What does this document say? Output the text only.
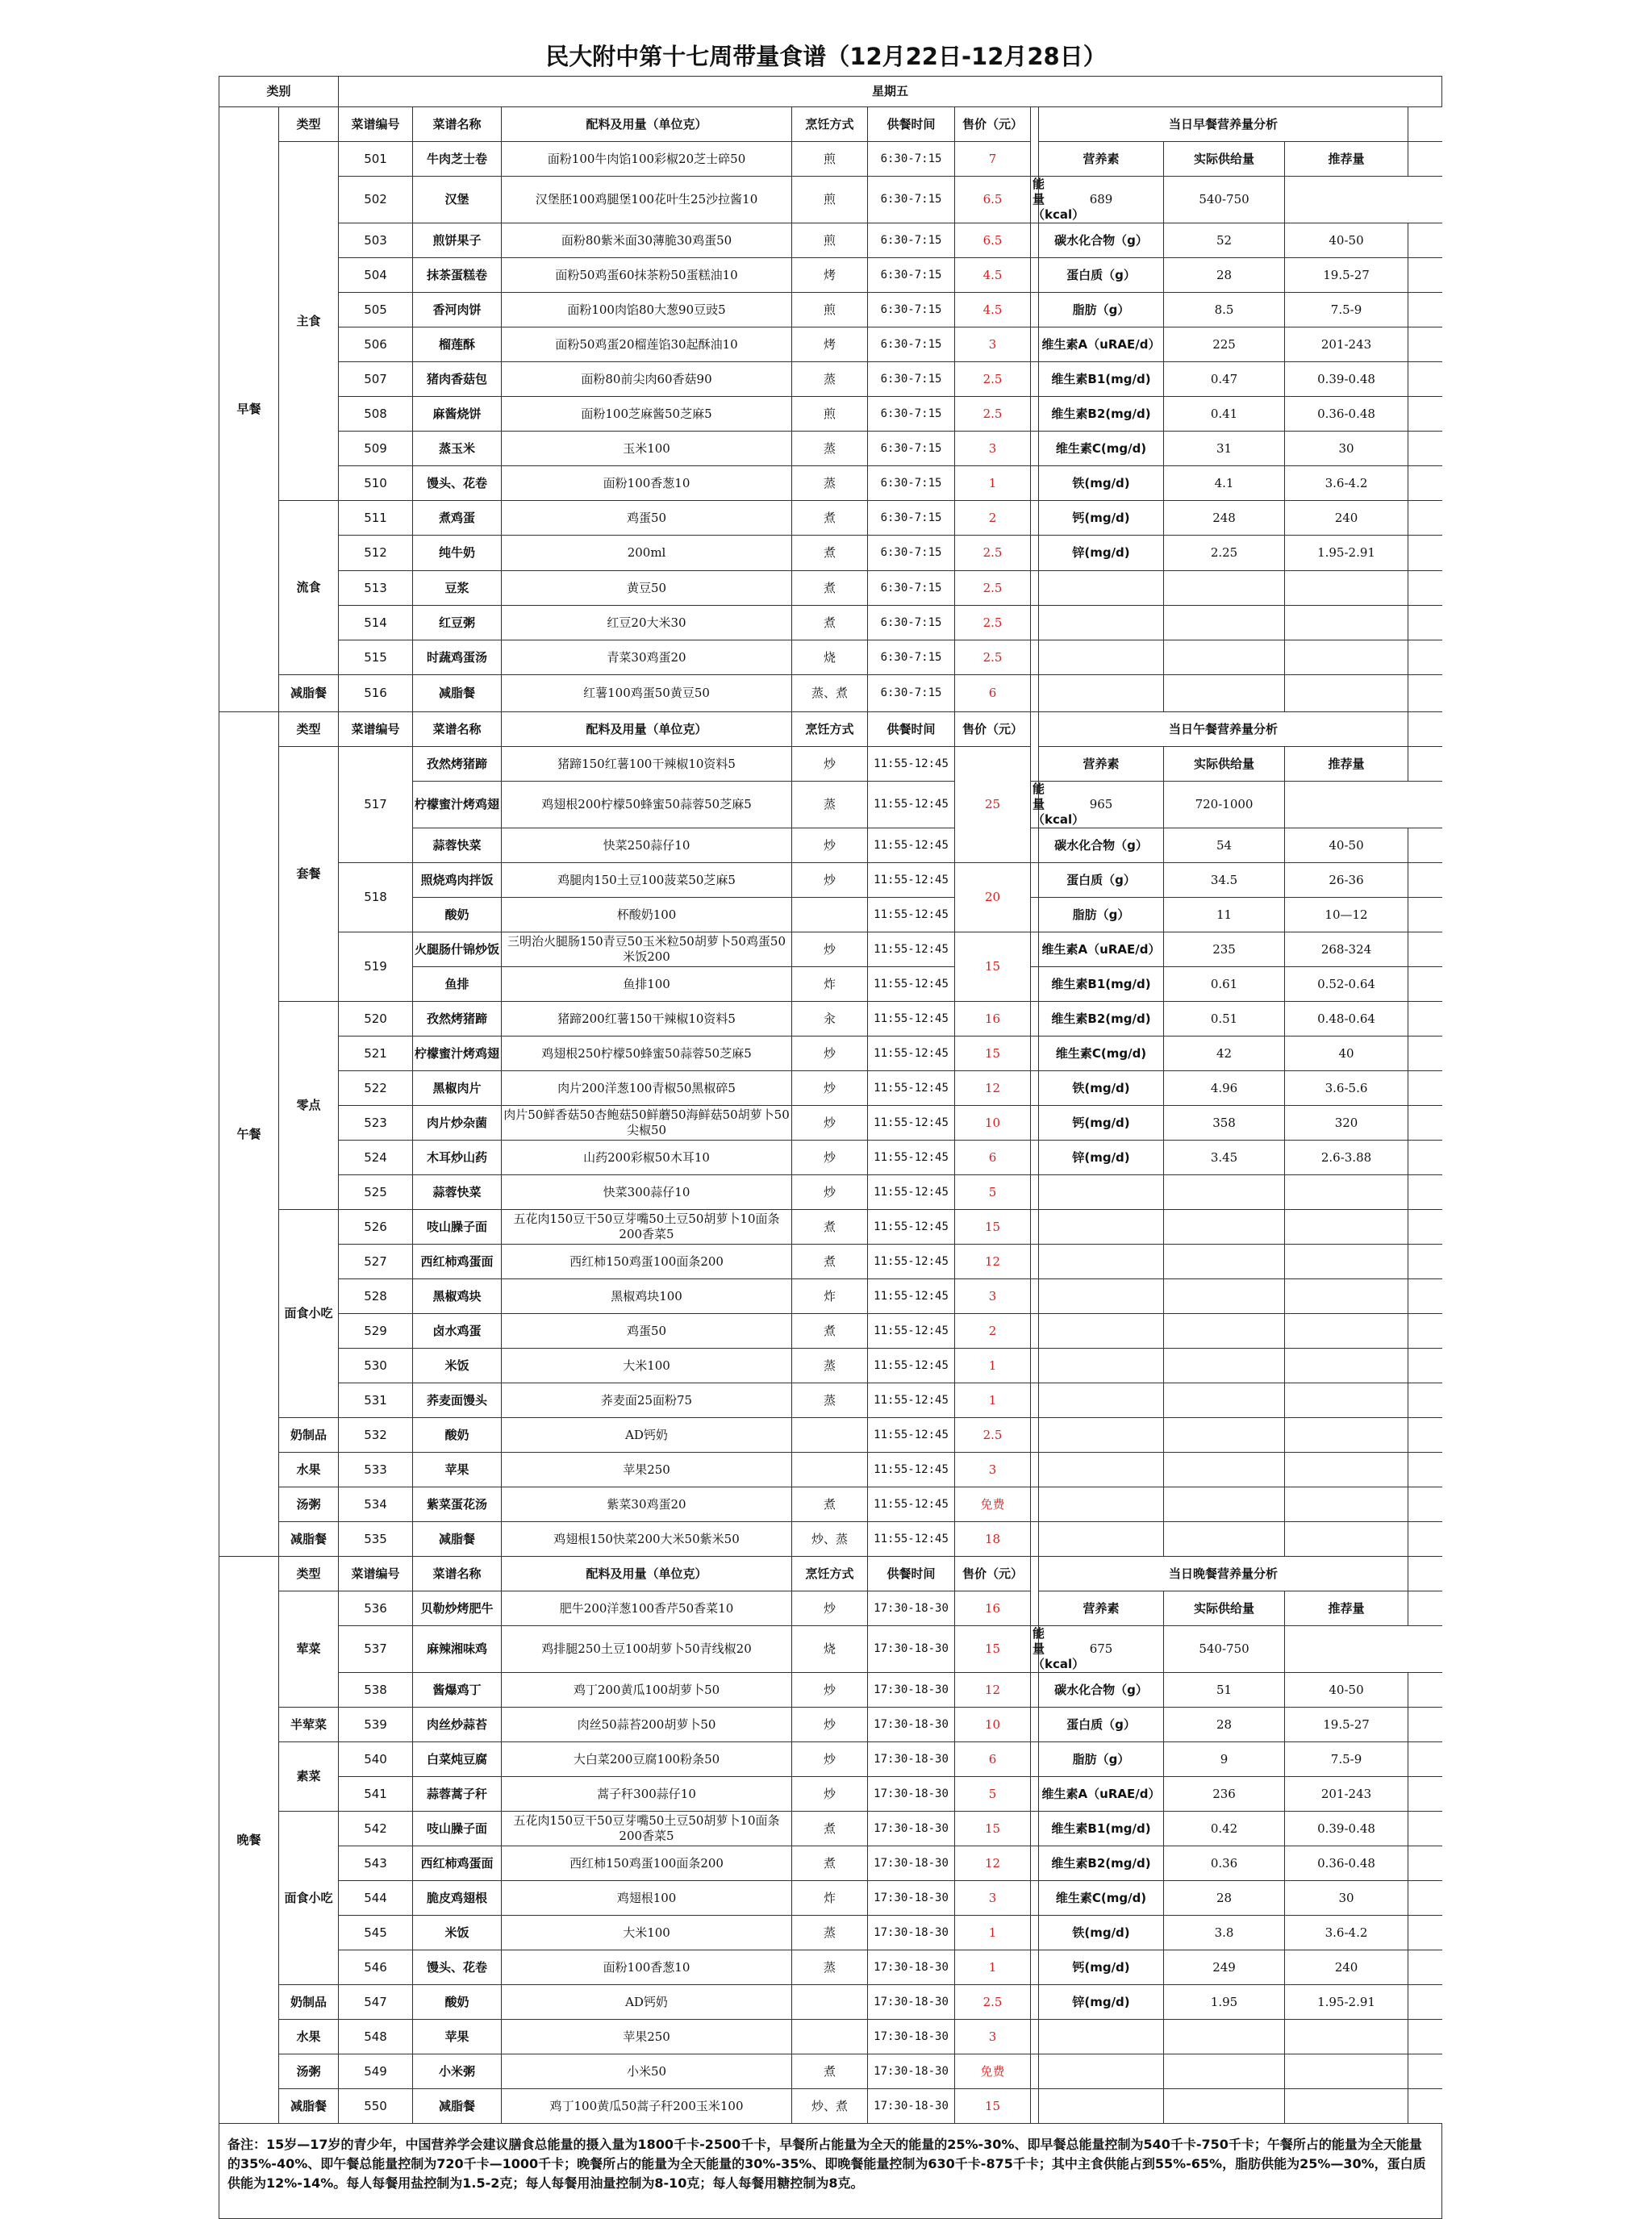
民大附中第十七周带量食谱（12月22日-12月28日）
类别		星期五										
早餐	类型	菜谱编号	菜谱名称	配料及用量（单位克）	烹饪方式	供餐时间	售价（元）		当日早餐营养量分析			
	主食	501	牛肉芝士卷	面粉100牛肉馅100彩椒20芝士碎50	煎	6:30-7:15	7		营养素	实际供给量	推荐量	
		502	汉堡	汉堡胚100鸡腿堡100花叶生25沙拉酱10	煎	6:30-7:15	6.5	能量（kcal）	689	540-750		
		503	煎饼果子	面粉80紫米面30薄脆30鸡蛋50	煎	6:30-7:15	6.5		碳水化合物（g）	52	40-50	
		504	抹茶蛋糕卷	面粉50鸡蛋60抹茶粉50蛋糕油10	烤	6:30-7:15	4.5		蛋白质（g）	28	19.5-27	
		505	香河肉饼	面粉100肉馅80大葱90豆豉5	煎	6:30-7:15	4.5		脂肪（g）	8.5	7.5-9	
		506	榴莲酥	面粉50鸡蛋20榴莲馅30起酥油10	烤	6:30-7:15	3		维生素A（uRAE/d）	225	201-243	
		507	猪肉香菇包	面粉80前尖肉60香菇90	蒸	6:30-7:15	2.5		维生素B1(mg/d)	0.47	0.39-0.48	
		508	麻酱烧饼	面粉100芝麻酱50芝麻5	煎	6:30-7:15	2.5		维生素B2(mg/d)	0.41	0.36-0.48	
		509	蒸玉米	玉米100	蒸	6:30-7:15	3		维生素C(mg/d)	31	30	
		510	馒头、花卷	面粉100香葱10	蒸	6:30-7:15	1		铁(mg/d)	4.1	3.6-4.2	
	流食	511	煮鸡蛋	鸡蛋50	煮	6:30-7:15	2		钙(mg/d)	248	240	
		512	纯牛奶	200ml	煮	6:30-7:15	2.5		锌(mg/d)	2.25	1.95-2.91	
		513	豆浆	黄豆50	煮	6:30-7:15	2.5					
		514	红豆粥	红豆20大米30	煮	6:30-7:15	2.5					
		515	时蔬鸡蛋汤	青菜30鸡蛋20	烧	6:30-7:15	2.5					
	减脂餐	516	减脂餐	红薯100鸡蛋50黄豆50	蒸、煮	6:30-7:15	6					
午餐	类型	菜谱编号	菜谱名称	配料及用量（单位克）	烹饪方式	供餐时间	售价（元）		当日午餐营养量分析			
	套餐	517	孜然烤猪蹄	猪蹄150红薯100干辣椒10资料5	炒	11:55-12:45	25		营养素	实际供给量	推荐量	
			柠檬蜜汁烤鸡翅	鸡翅根200柠檬50蜂蜜50蒜蓉50芝麻5	蒸	11:55-12:45		能量（kcal）	965	720-1000		
			蒜蓉快菜	快菜250蒜仔10	炒	11:55-12:45			碳水化合物（g）	54	40-50	
		518	照烧鸡肉拌饭	鸡腿肉150土豆100菠菜50芝麻5	炒	11:55-12:45	20		蛋白质（g）	34.5	26-36	
			酸奶	杯酸奶100		11:55-12:45			脂肪（g）	11	10—12	
		519	火腿肠什锦炒饭	三明治火腿肠150青豆50玉米粒50胡萝卜50鸡蛋50米饭200	炒	11:55-12:45	15		维生素A（uRAE/d）	235	268-324	
			鱼排	鱼排100	炸	11:55-12:45			维生素B1(mg/d)	0.61	0.52-0.64	
	零点	520	孜然烤猪蹄	猪蹄200红薯150干辣椒10资料5	汆	11:55-12:45	16		维生素B2(mg/d)	0.51	0.48-0.64	
		521	柠檬蜜汁烤鸡翅	鸡翅根250柠檬50蜂蜜50蒜蓉50芝麻5	炒	11:55-12:45	15		维生素C(mg/d)	42	40	
		522	黑椒肉片	肉片200洋葱100青椒50黑椒碎5	炒	11:55-12:45	12		铁(mg/d)	4.96	3.6-5.6	
		523	肉片炒杂菌	肉片50鲜香菇50杏鲍菇50鲜蘑50海鲜菇50胡萝卜50尖椒50	炒	11:55-12:45	10		钙(mg/d)	358	320	
		524	木耳炒山药	山药200彩椒50木耳10	炒	11:55-12:45	6		锌(mg/d)	3.45	2.6-3.88	
		525	蒜蓉快菜	快菜300蒜仔10	炒	11:55-12:45	5					
	面食小吃	526	吱山臊子面	五花肉150豆干50豆芽嘴50土豆50胡萝卜10面条200香菜5	煮	11:55-12:45	15					
		527	西红柿鸡蛋面	西红柿150鸡蛋100面条200	煮	11:55-12:45	12					
		528	黑椒鸡块	黑椒鸡块100	炸	11:55-12:45	3					
		529	卤水鸡蛋	鸡蛋50	煮	11:55-12:45	2					
		530	米饭	大米100	蒸	11:55-12:45	1					
		531	荞麦面馒头	荞麦面25面粉75	蒸	11:55-12:45	1					
	奶制品	532	酸奶	AD钙奶		11:55-12:45	2.5					
	水果	533	苹果	苹果250		11:55-12:45	3					
	汤粥	534	紫菜蛋花汤	紫菜30鸡蛋20	煮	11:55-12:45	免费					
	减脂餐	535	减脂餐	鸡翅根150快菜200大米50紫米50	炒、蒸	11:55-12:45	18					
晚餐	类型	菜谱编号	菜谱名称	配料及用量（单位克）	烹饪方式	供餐时间	售价（元）		当日晚餐营养量分析			
	荤菜	536	贝勒炒烤肥牛	肥牛200洋葱100香芹50香菜10	炒	17:30-18-30	16		营养素	实际供给量	推荐量	
		537	麻辣湘味鸡	鸡排腿250土豆100胡萝卜50青线椒20	烧	17:30-18-30	15	能量（kcal）	675	540-750		
		538	酱爆鸡丁	鸡丁200黄瓜100胡萝卜50	炒	17:30-18-30	12		碳水化合物（g）	51	40-50	
	半荤菜	539	肉丝炒蒜苔	肉丝50蒜苔200胡萝卜50	炒	17:30-18-30	10		蛋白质（g）	28	19.5-27	
	素菜	540	白菜炖豆腐	大白菜200豆腐100粉条50	炒	17:30-18-30	6		脂肪（g）	9	7.5-9	
		541	蒜蓉蒿子秆	蒿子秆300蒜仔10	炒	17:30-18-30	5		维生素A（uRAE/d）	236	201-243	
	面食小吃	542	吱山臊子面	五花肉150豆干50豆芽嘴50土豆50胡萝卜10面条200香菜5	煮	17:30-18-30	15		维生素B1(mg/d)	0.42	0.39-0.48	
		543	西红柿鸡蛋面	西红柿150鸡蛋100面条200	煮	17:30-18-30	12		维生素B2(mg/d)	0.36	0.36-0.48	
		544	脆皮鸡翅根	鸡翅根100	炸	17:30-18-30	3		维生素C(mg/d)	28	30	
		545	米饭	大米100	蒸	17:30-18-30	1		铁(mg/d)	3.8	3.6-4.2	
		546	馒头、花卷	面粉100香葱10	蒸	17:30-18-30	1		钙(mg/d)	249	240	
	奶制品	547	酸奶	AD钙奶		17:30-18-30	2.5		锌(mg/d)	1.95	1.95-2.91	
	水果	548	苹果	苹果250		17:30-18-30	3					
	汤粥	549	小米粥	小米50	煮	17:30-18-30	免费					
	减脂餐	550	减脂餐	鸡丁100黄瓜50蒿子秆200玉米100	炒、煮	17:30-18-30	15					
备注：15岁—17岁的青少年，中国营养学会建议膳食总能量的摄入量为1800千卡-2500千卡，早餐所占能量为全天的能量的25%-30%、即早餐总能量控制为540千卡-750千卡；午餐所占的能量为全天能量的35%-40%、即午餐总能量控制为720千卡—1000千卡；晚餐所占的能量为全天能量的30%-35%、即晚餐能量控制为630千卡-875千卡；其中主食供能占到55%-65%，脂肪供能为25%—30%，蛋白质供能为12%-14%。每人每餐用盐控制为1.5-2克；每人每餐用油量控制为8-10克；每人每餐用糖控制为8克。												
